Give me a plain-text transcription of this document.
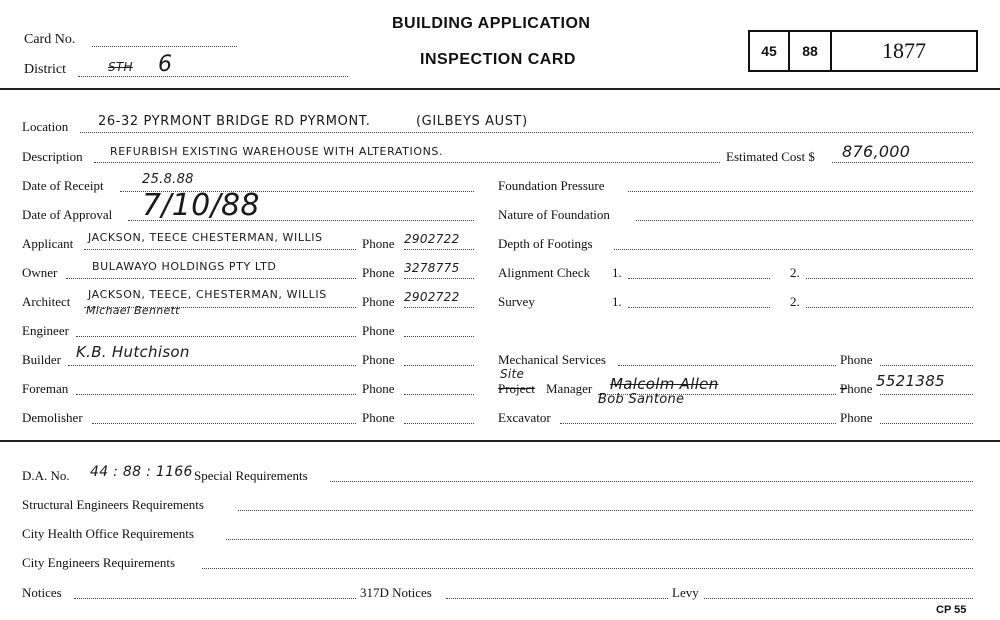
Card No.
District	STH 6
BUILDING APPLICATION
INSPECTION CARD	45	88	1877
Location 26-32 PYRMONT BRIDGE RD PYRMONT.	(GILBEYS AUST)
Description REFURBISH EXISTING WAREHOUSE WITH ALTERATIONS.	Estimated Cost $ 876,000
Date of Receipt	25.8.88
Date of Approval 7/10/88
Applicant JACKSON, TEECE CHESTERMAN, WILLIS	Phone 2902722
Owner	BULAWAYO HOLDINGS PTY LTD	Phone 3278775
Architect JACKSON, TEECE, CHESTERMAN, WILLIS
Michael Bennett
Phone 2902722
Engineer	Phone
Builder K.B. Hutchison	Phone
Foreman	Phone
Demolisher	Phone
Foundation Pressure
Nature of Foundation
Depth of Footings
Alignment Check 1.	2.
Survey	1.	2.
Mechanical Services	Phone
Site
Project Manager Malcolm Allen
Bob Santone
Phone 5521385
Excavator	Phone
D.A. No. 44 : 88 : 1166 Special Requirements
Structural Engineers Requirements
City Health Office Requirements
City Engineers Requirements
Notices	317D Notices	Levy
CP 55
